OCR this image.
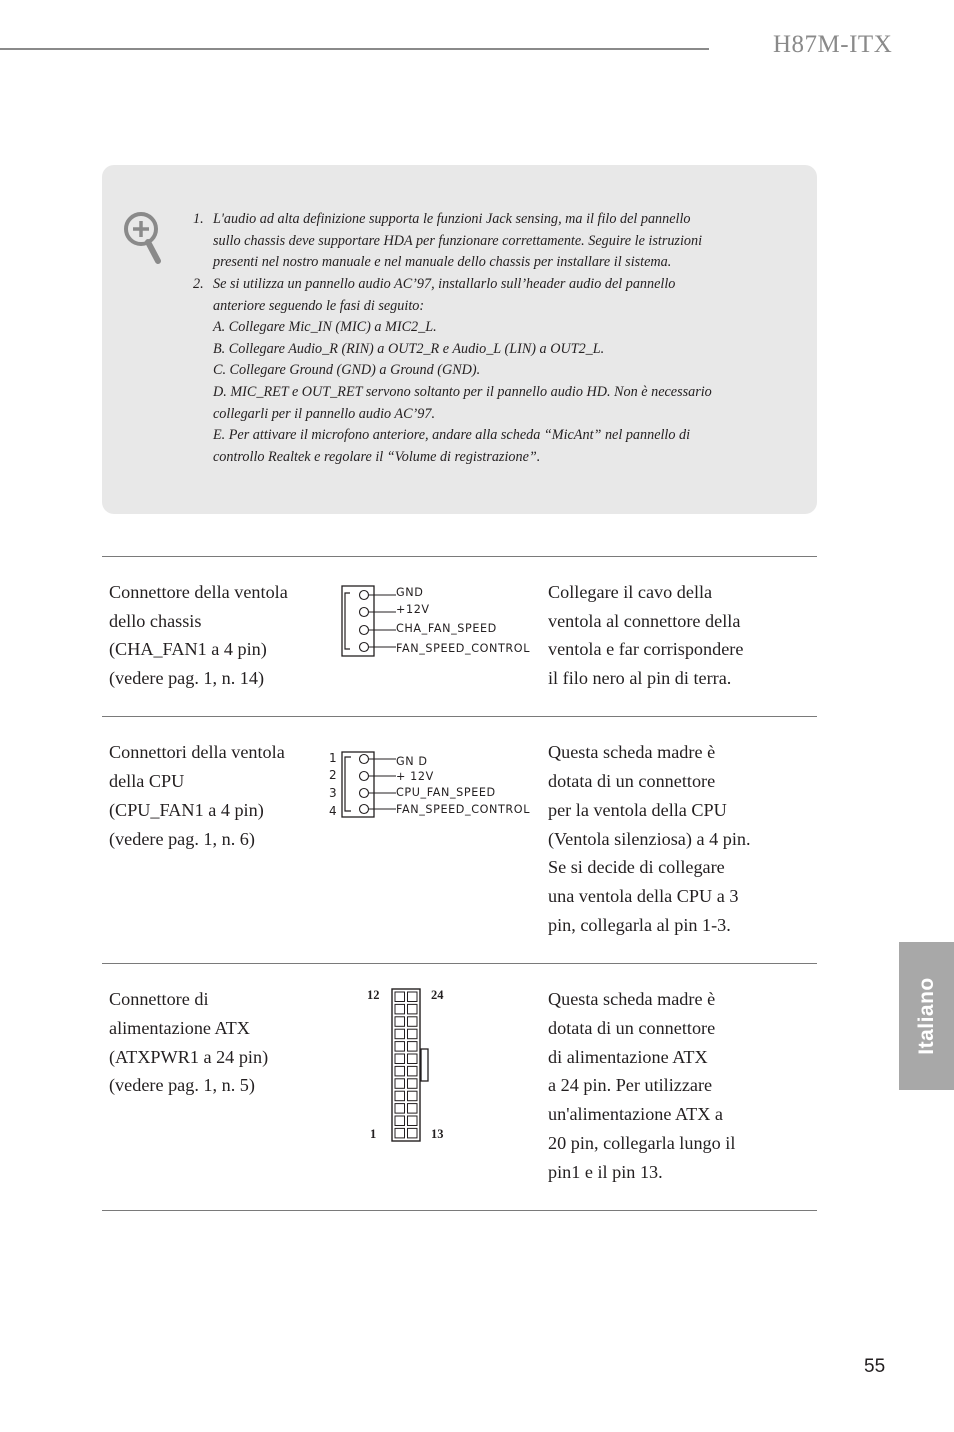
H87M-ITX
1. L'audio ad alta definizione supporta le funzioni Jack sensing, ma il filo del pannello
sullo chassis deve supportare HDA per funzionare correttamente. Seguire le istruzioni
presenti nel nostro manuale e nel manuale dello chassis per installare il sistema.
2. Se si utilizza un pannello audio AC’97, installarlo sull’header audio del pannello
anteriore seguendo le fasi di seguito:
A. Collegare Mic_IN (MIC) a MIC2_L.
B. Collegare Audio_R (RIN) a OUT2_R e Audio_L (LIN) a OUT2_L.
C. Collegare Ground (GND) a Ground (GND).
D. MIC_RET e OUT_RET servono soltanto per il pannello audio HD. Non è necessario
collegarli per il pannello audio AC’97.
E. Per attivare il microfono anteriore, andare alla scheda “MicAnt” nel pannello di
controllo Realtek e regolare il “Volume di registrazione”.
Connettore della ventola
dello chassis
(CHA_FAN1 a 4 pin)
(vedere pag. 1, n. 14)
GND
+12V
CHA_FAN_SPEED
FAN_SPEED_CONTROL
Collegare il cavo della
ventola al connettore della
ventola e far corrispondere
il filo nero al pin di terra.
Connettori della ventola
della CPU
(CPU_FAN1 a 4 pin)
(vedere pag. 1, n. 6)
1
2
3
4
GN D
+ 12V
CPU_FAN_SPEED
FAN_SPEED_CONTROL
Questa scheda madre è
dotata di un connettore
per la ventola della CPU
(Ventola silenziosa) a 4 pin.
Se si decide di collegare
una ventola della CPU a 3
pin, collegarla al pin 1-3.
Connettore di
alimentazione ATX
(ATXPWR1 a 24 pin)
(vedere pag. 1, n. 5)
12	24
1	13
Questa scheda madre è
dotata di un connettore
di alimentazione ATX
a 24 pin. Per utilizzare
un'alimentazione ATX a
20 pin, collegarla lungo il
pin1 e il pin 13.
Italiano
55
